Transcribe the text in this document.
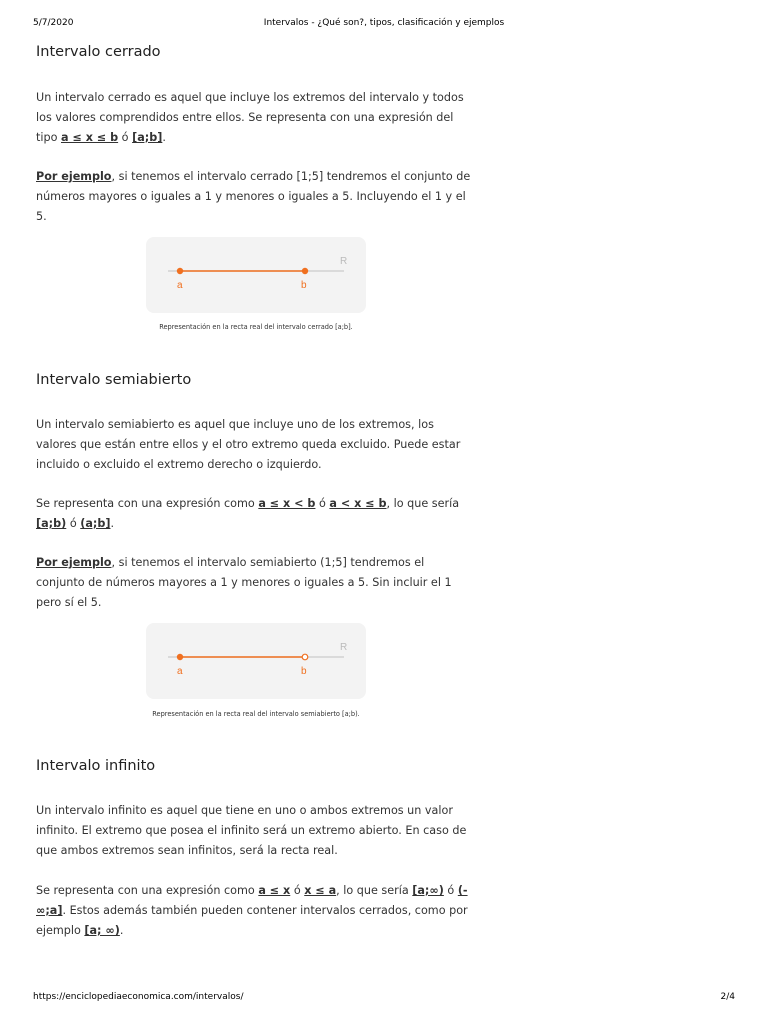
5/7/2020	Intervalos - ¿Qué son?, tipos, clasificación y ejemplos
Intervalo cerrado

Un intervalo cerrado es aquel que incluye los extremos del intervalo y todos los valores comprendidos entre ellos. Se representa con una expresión del tipo a ≤ x ≤ b ó [a;b].

Por ejemplo, si tenemos el intervalo cerrado [1;5] tendremos el conjunto de números mayores o iguales a 1 y menores o iguales a 5. Incluyendo el 1 y el 5.

R
a	b
Representación en la recta real del intervalo cerrado [a;b].
Intervalo semiabierto

Un intervalo semiabierto es aquel que incluye uno de los extremos, los valores que están entre ellos y el otro extremo queda excluido. Puede estar incluido o excluido el extremo derecho o izquierdo.

Se representa con una expresión como a ≤ x < b ó a < x ≤ b, lo que sería
[a;b) ó (a;b].

Por ejemplo, si tenemos el intervalo semiabierto (1;5] tendremos el conjunto de números mayores a 1 y menores o iguales a 5. Sin incluir el 1 pero sí el 5.

R
a	b
Representación en la recta real del intervalo semiabierto [a;b).
Intervalo infinito

Un intervalo infinito es aquel que tiene en uno o ambos extremos un valor infinito. El extremo que posea el infinito será un extremo abierto. En caso de que ambos extremos sean infinitos, será la recta real.

Se representa con una expresión como a ≤ x ó x ≤ a, lo que sería [a;∞) ó (-∞;a]. Estos además también pueden contener intervalos cerrados, como por ejemplo [a; ∞).

https://enciclopediaeconomica.com/intervalos/	2/4
